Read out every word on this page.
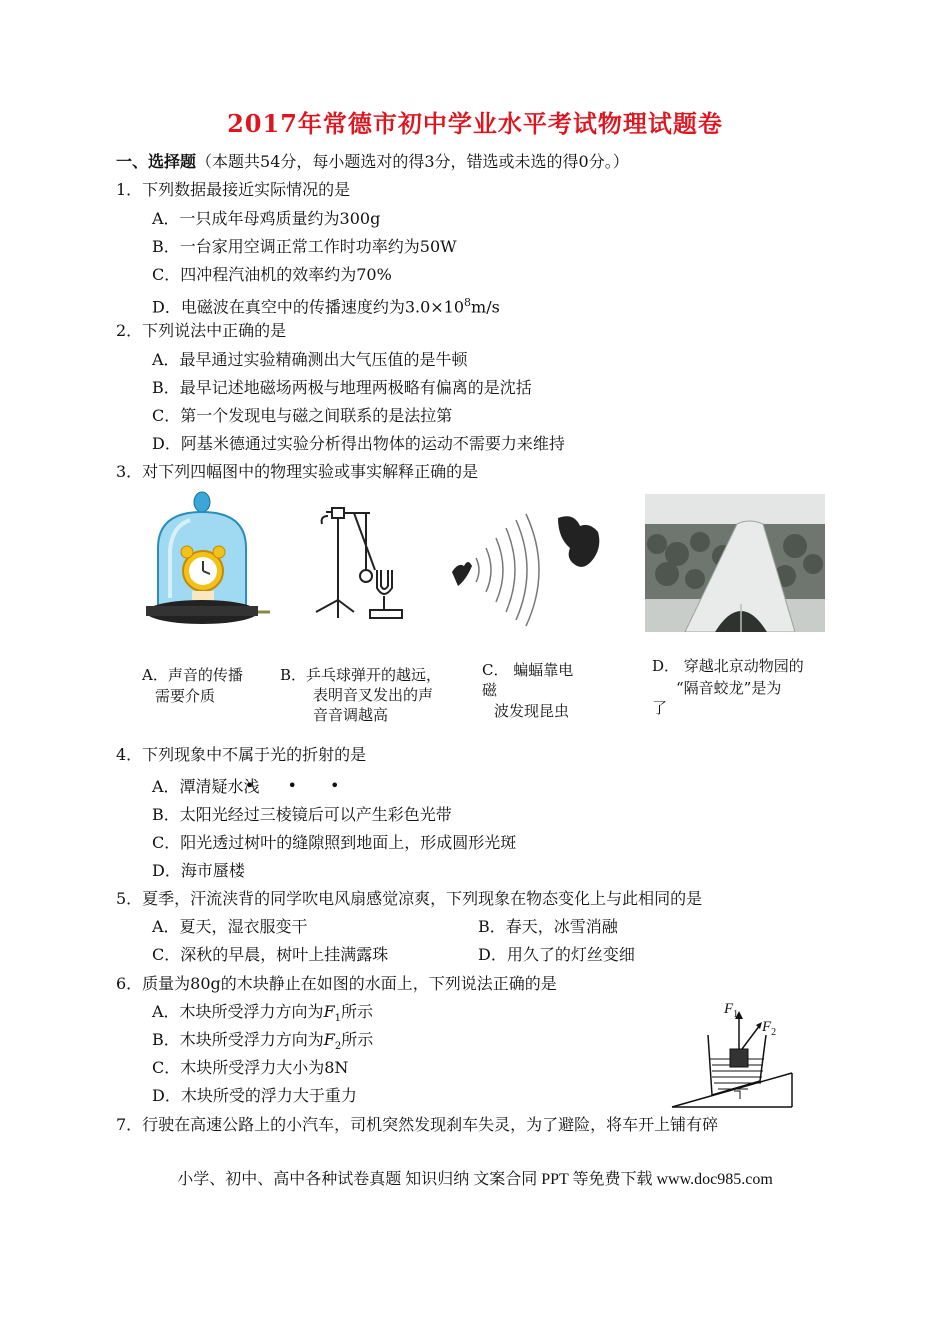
2017年常德市初中学业水平考试物理试题卷
一、选择题（本题共54分，每小题选对的得3分，错选或未选的得0分。）
1．下列数据最接近实际情况的是
A．一只成年母鸡质量约为300g
B．一台家用空调正常工作时功率约为50W
C．四冲程汽油机的效率约为70%
D．电磁波在真空中的传播速度约为$3.0\times 10^8m/s$
2．下列说法中正确的是
A．最早通过实验精确测出大气压值的是牛顿
B．最早记述地磁场两极与地理两极略有偏离的是沈括
C．第一个发现电与磁之间联系的是法拉第
D．阿基米德通过实验分析得出物体的运动不需要力来维持
3．对下列四幅图中的物理实验或事实解释正确的是
A．声音的传播
需要介质
B．乒乓球弹开的越远，
表明音叉发出的声
音音调越高
C． 蝙蝠靠电
磁
波发现昆虫
D． 穿越北京动物园的
“隔音蛟龙”是为
了
4．下列现象中不属于光的折射的是
• • •
A．潭清疑水浅
B．太阳光经过三棱镜后可以产生彩色光带
C．阳光透过树叶的缝隙照到地面上，形成圆形光斑
D．海市蜃楼
5．夏季，汗流浃背的同学吹电风扇感觉凉爽，下列现象在物态变化上与此相同的是
A．夏天，湿衣服变干	B．春天，冰雪消融
C．深秋的早晨，树叶上挂满露珠	D．用久了的灯丝变细
6．质量为80g的木块静止在如图的水面上，下列说法正确的是
A．木块所受浮力方向为$F_1$所示
B．木块所受浮力方向为$F_2$所示
C．木块所受浮力大小为8N
D．木块所受的浮力大于重力
$F_1$
$F_2$
7．行驶在高速公路上的小汽车，司机突然发现刹车失灵，为了避险，将车开上铺有碎
小学、初中、高中各种试卷真题 知识归纳 文案合同 PPT 等免费下载 www.doc985.com
